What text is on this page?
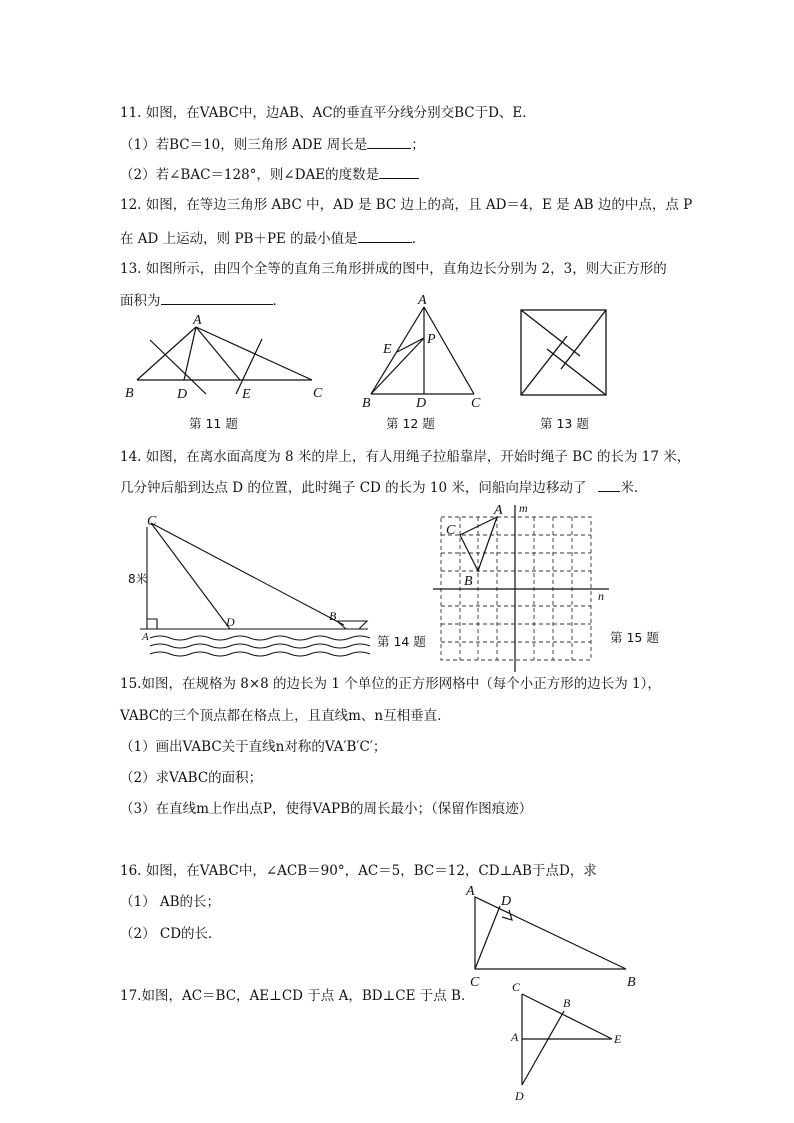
11. 如图，在VABC中，边AB、AC的垂直平分线分别交BC于D、E．
（1）若BC＝10，则三角形 ADE 周长是	；
（2）若∠BAC＝128°，则∠DAE的度数是
12. 如图，在等边三角形 ABC 中，AD 是 BC 边上的高，且 AD＝4，E 是 AB 边的中点，点 P
在 AD 上运动，则 PB＋PE 的最小值是	．
13. 如图所示，由四个全等的直角三角形拼成的图中，直角边长分别为 2，3，则大正方形的
面积为	．
A
B	C
D	E
第 11 题
A
B	C
D
E
P
第 12 题	第 13 题
C
A
D	B
8米
第 14 题
m
n
A
C
B
第 15 题
A
D
C	B
C
B
A	E
D
14. 如图，在离水面高度为 8 米的岸上，有人用绳子拉船靠岸，开始时绳子 BC 的长为 17 米，
几分钟后船到达点 D 的位置，此时绳子 CD 的长为 10 米，问船向岸边移动了	米．
15.如图，在规格为 8×8 的边长为 1 个单位的正方形网格中（每个小正方形的边长为 1），
VABC的三个顶点都在格点上，且直线m、n互相垂直．
（1）画出VABC关于直线n对称的VA′B′C′；
（2）求VABC的面积；
（3）在直线m上作出点P，使得VAPB的周长最小；（保留作图痕迹）
16. 如图，在VABC中，∠ACB＝90°，AC＝5，BC＝12，CD⊥AB于点D，求
（1） AB的长；
（2） CD的长．
17.如图，AC＝BC，AE⊥CD 于点 A，BD⊥CE 于点 B．
